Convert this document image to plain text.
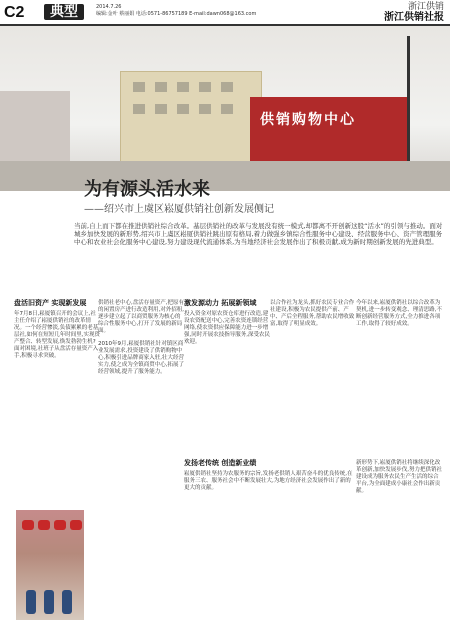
C2	典型	2014.7.26
编辑:金叶 蔡丽娟 电话:0571-86757189 E-mail:dawn068@163.com
浙江供销
浙江供销社报
供销购物中心
为有源头活水来
——绍兴市上虞区崧厦供销社创新发展侧记
当前,自上而下都在推进供销社综合改革。基层供销社的改革与发展没有统一模式,却都离不开创新这股“活水”的引领与推动。面对城乡加快发展的新形势,绍兴市上虞区崧厦供销社跳出原有格局,着力做强乡镇综合性服务中心建设、经营服务中心、资产管理服务中心和农业社会化服务中心建设,努力建设现代流通体系,为当地经济社会发展作出了积极贡献,成为新时期创新发展的先进典型。
盘活旧资产 实现新发展
年7月8日,崧厦镇召开的会议上,社主任介绍了崧厦供销社的改革情况。一个经营惨淡,负债累累的老基层社,如何在短短几年时间里,实现资产整合、转型发展,焕发勃勃生机?面对困境,社班子从盘活存量资产入手,积极寻求突破。
供销社老中心,盘活存量资产,把原有的闲置房产进行改造利用,对外招租,逐步建立起了以商贸服务为核心的综合性服务中心,打开了发展的新局面。
2010年9月,崧厦供销社针对镇区商业发展需求,投资建设了供销购物中心,积极引进品牌商家入驻,壮大经营实力,使之成为全镇商贸中心,拓展了经营领域,提升了服务能力。
激发源动力 拓展新领域
投入资金对原农资仓库进行改造,建设农资配送中心,完善农资连锁经营网络,使农资供应保障能力进一步增强,同时开展农技指导服务,深受农民欢迎。
以合作社为龙头,抓好农民专业合作社建设,积极为农民提供产前、产中、产后全程服务,帮助农民增收致富,取得了明显成效。
今年以来,崧厦供销社以综合改革为契机,进一步转变观念、理清思路,不断创新经营服务方式,全力推进各项工作,取得了较好成效。
发扬老传统 创造新业绩
崧厦供销社坚持为农服务的宗旨,发扬老供销人艰苦奋斗的优良传统,在服务三农、服务社会中不断发展壮大,为地方经济社会发展作出了新的更大的贡献。
新形势下,崧厦供销社将继续深化改革创新,加快发展步伐,努力把供销社建设成为服务农民生产生活的综合平台,为全面建成小康社会作出新贡献。
